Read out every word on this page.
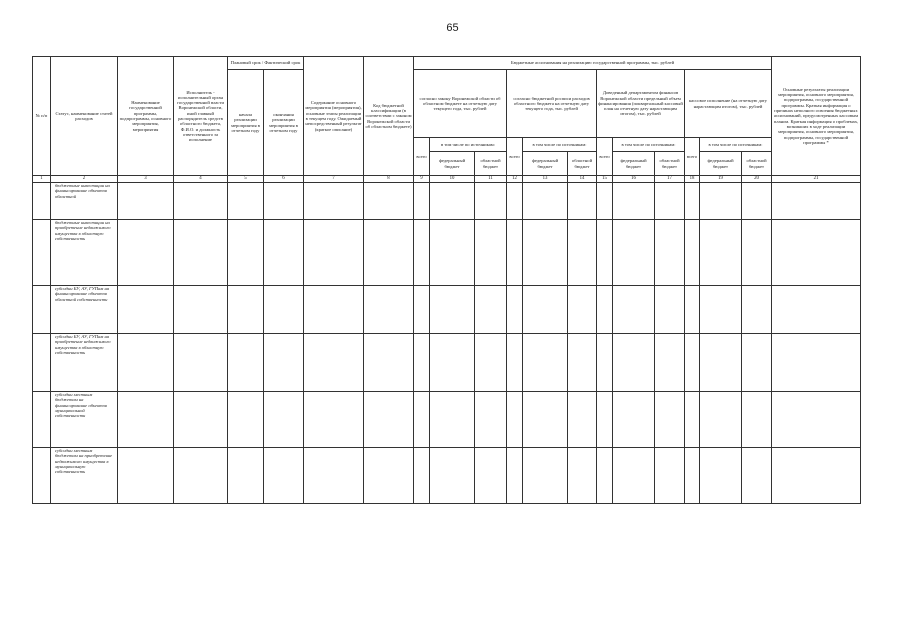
65
№ п/п	Статус, наименование статей расходов	Наименование государственной программы, подпрограммы, основного мероприятия, мероприятия	Исполнитель - исполнительный орган государственной власти Воронежской области, иной главный распорядитель средств областного бюджета, Ф.И.О. и должность ответственного за исполнение	Плановый срок / Фактический срок		Содержание основного мероприятия (мероприятия), основные этапы реализации в текущем году. Ожидаемый непосредственный результат (краткое описание)	Код бюджетной классификации (в соответствии с законом Воронежской области об областном бюджете)	Бюджетные ассигнования на реализацию государственной программы, тыс. рублей												Основные результаты реализации мероприятия, основного мероприятия, подпрограммы, государственной программы. Краткая информация о причинах неполного освоения бюджетных ассигнований, предусмотренных кассовым планом. Краткая информация о проблемах, возникших в ходе реализации мероприятия, основного мероприятия, подпрограммы, государственной программы *
				начала реализации мероприятия в отчетном году	окончания реализации мероприятия в отчетном году			согласно закону Воронежской области об областном бюджете на отчетную дату текущего года, тыс. рублей			согласно бюджетной росписи расходов областного бюджета на отчетную дату текущего года, тыс. рублей			Доведенный департаментом финансов Воронежской области предельный объем финансирования (поквартальный кассовый план на отчетную дату нарастающим итогом), тыс. рублей			кассовое исполнение (на отчетную дату нарастающим итогом), тыс. рублей			
								всего	в том числе по источникам:		всего	в том числе по источникам:		всего	в том числе по источникам:		всего	в том числе по источникам:		
									федеральный бюджет	областной бюджет		федеральный бюджет	областной бюджет		федеральный бюджет	областной бюджет		федеральный бюджет	областной бюджет	
1	2	3	4	5	6	7	8	9	10	11	12	13	14	15	16	17	18	19	20	21
	бюджетные инвестиции на финансирование объектов областной																			
	бюджетные инвестиции на приобретение недвижимого имущества в областную собственность																			
	субсидии БУ, АУ, ГУПам на финансирование объектов областной собственности																			
	субсидии БУ, АУ, ГУПам на приобретение недвижимого имущества в областную собственность																			
	субсидии местным бюджетам на финансирование объектов муниципальной собственности																			
	субсидии местным бюджетам на приобретение недвижимого имущества в муниципальную собственность																			
